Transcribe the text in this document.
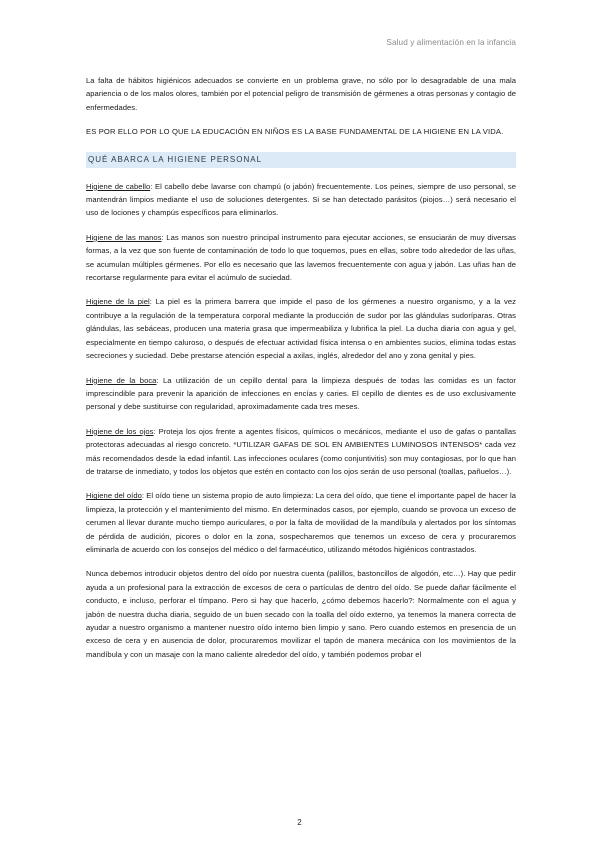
Salud y alimentación en la infancia

La falta de hábitos higiénicos adecuados se convierte en un problema grave, no sólo por lo desagradable de una mala apariencia o de los malos olores, también por el potencial peligro de transmisión de gérmenes a otras personas y contagio de enfermedades.

ES POR ELLO POR LO QUE LA EDUCACIÓN EN NIÑOS ES LA BASE FUNDAMENTAL DE LA HIGIENE EN LA VIDA.

QUÉ ABARCA LA HIGIENE PERSONAL

Higiene de cabello: El cabello debe lavarse con champú (o jabón) frecuentemente. Los peines, siempre de uso personal, se mantendrán limpios mediante el uso de soluciones detergentes. Si se han detectado parásitos (piojos…) será necesario el uso de lociones y champús específicos para eliminarlos.

Higiene de las manos: Las manos son nuestro principal instrumento para ejecutar acciones, se ensuciarán de muy diversas formas, a la vez que son fuente de contaminación de todo lo que toquemos, pues en ellas, sobre todo alrededor de las uñas, se acumulan múltiples gérmenes. Por ello es necesario que las lavemos frecuentemente con agua y jabón. Las uñas han de recortarse regularmente para evitar el acúmulo de suciedad.

Higiene de la piel: La piel es la primera barrera que impide el paso de los gérmenes a nuestro organismo, y a la vez contribuye a la regulación de la temperatura corporal mediante la producción de sudor por las glándulas sudoríparas. Otras glándulas, las sebáceas, producen una materia grasa que impermeabiliza y lubrifica la piel. La ducha diaria con agua y gel, especialmente en tiempo caluroso, o después de efectuar actividad física intensa o en ambientes sucios, elimina todas estas secreciones y suciedad. Debe prestarse atención especial a axilas, inglés, alrededor del ano y zona genital y pies.

Higiene de la boca: La utilización de un cepillo dental para la limpieza después de todas las comidas es un factor imprescindible para prevenir la aparición de infecciones en encías y caries. El cepillo de dientes es de uso exclusivamente personal y debe sustituirse con regularidad, aproximadamente cada tres meses.

Higiene de los ojos: Proteja los ojos frente a agentes físicos, químicos o mecánicos, mediante el uso de gafas o pantallas protectoras adecuadas al riesgo concreto. *UTILIZAR GAFAS DE SOL EN AMBIENTES LUMINOSOS INTENSOS* cada vez más recomendados desde la edad infantil. Las infecciones oculares (como conjuntivitis) son muy contagiosas, por lo que han de tratarse de inmediato, y todos los objetos que estén en contacto con los ojos serán de uso personal (toallas, pañuelos…).

Higiene del oído: El oído tiene un sistema propio de auto limpieza: La cera del oído, que tiene el importante papel de hacer la limpieza, la protección y el mantenimiento del mismo. En determinados casos, por ejemplo, cuando se provoca un exceso de cerumen al llevar durante mucho tiempo auriculares, o por la falta de movilidad de la mandíbula y alertados por los síntomas de pérdida de audición, picores o dolor en la zona, sospecharemos que tenemos un exceso de cera y procuraremos eliminarla de acuerdo con los consejos del médico o del farmacéutico, utilizando métodos higiénicos contrastados.

Nunca debemos introducir objetos dentro del oído por nuestra cuenta (palillos, bastoncillos de algodón, etc…). Hay que pedir ayuda a un profesional para la extracción de excesos de cera o partículas de dentro del oído. Se puede dañar fácilmente el conducto, e incluso, perforar el tímpano. Pero si hay que hacerlo, ¿cómo debemos hacerlo?: Normalmente con el agua y jabón de nuestra ducha diaria, seguido de un buen secado con la toalla del oído externo, ya tenemos la manera correcta de ayudar a nuestro organismo a mantener nuestro oído interno bien limpio y sano. Pero cuando estemos en presencia de un exceso de cera y en ausencia de dolor, procuraremos movilizar el tapón de manera mecánica con los movimientos de la mandíbula y con un masaje con la mano caliente alrededor del oído, y también podemos probar el

2
